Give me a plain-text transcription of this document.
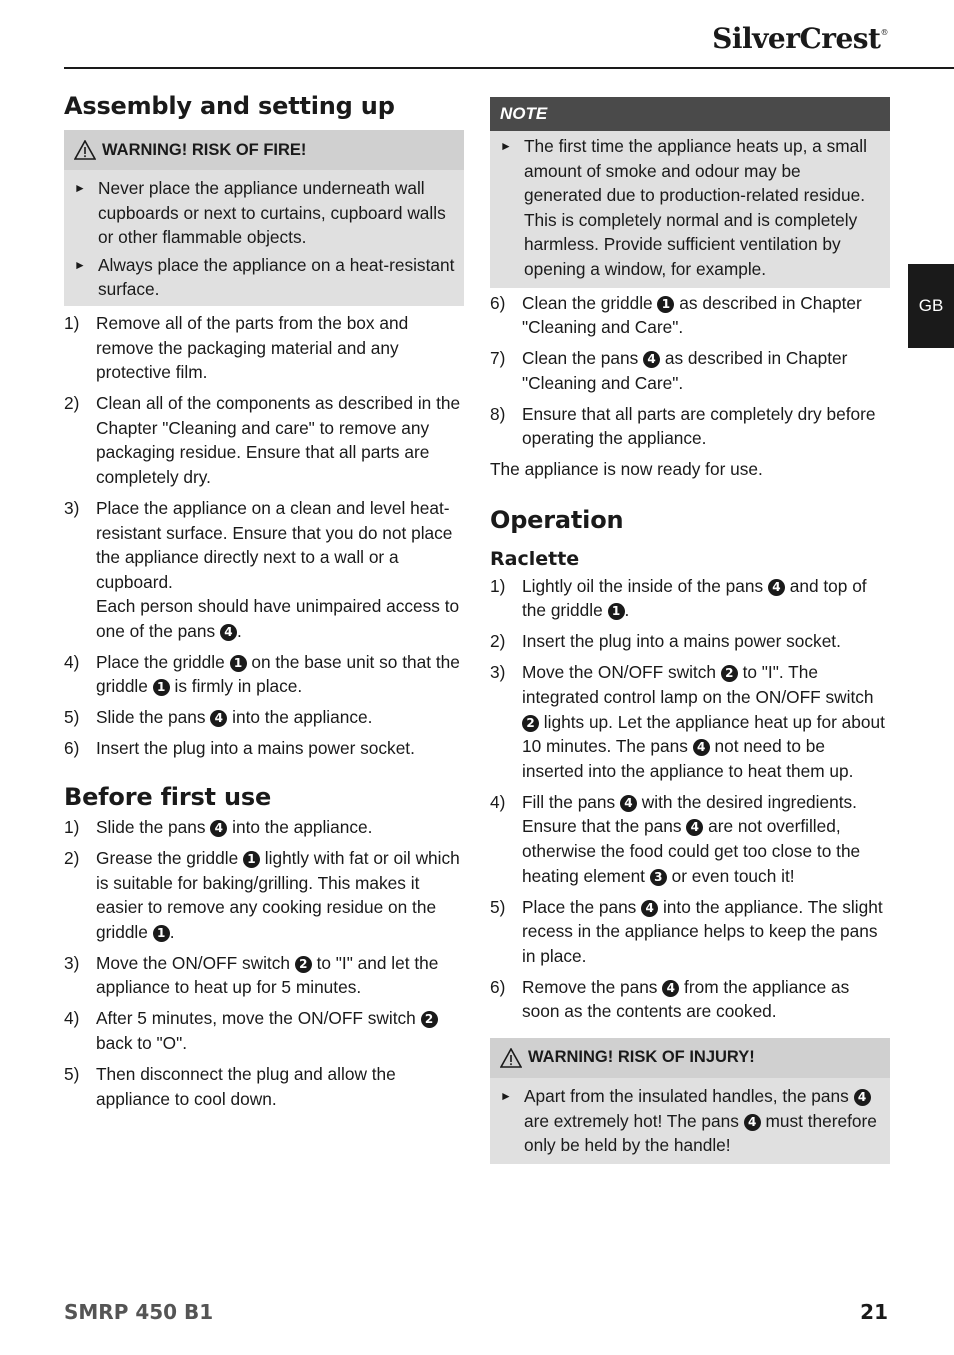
SilverCrest®
GB
Assembly and setting up
WARNING! RISK OF FIRE!
► Never place the appliance underneath wall cupboards or next to curtains, cupboard walls or other flammable objects.
► Always place the appliance on a heat-resistant surface.
1) Remove all of the parts from the box and remove the packaging material and any protective film.
2) Clean all of the components as described in the Chapter "Cleaning and care" to remove any packaging residue. Ensure that all parts are completely dry.
3) Place the appliance on a clean and level heat-resistant surface. Ensure that you do not place the appliance directly next to a wall or a cupboard.
Each person should have unimpaired access to one of the pans 4 .
4) Place the griddle 1 on the base unit so that the griddle 1 is firmly in place.
5) Slide the pans 4 into the appliance.
6) Insert the plug into a mains power socket.
Before first use
1) Slide the pans 4 into the appliance.
2) Grease the griddle 1 lightly with fat or oil which is suitable for baking/grilling. This makes it easier to remove any cooking residue on the griddle 1 .
3) Move the ON/OFF switch 2 to "I" and let the appliance to heat up for 5 minutes.
4) After 5 minutes, move the ON/OFF switch 2 back to "O".
5) Then disconnect the plug and allow the appliance to cool down.
NOTE
► The first time the appliance heats up, a small amount of smoke and odour may be generated due to production-related residue. This is completely normal and is completely harmless. Provide sufficient ventilation by opening a window, for example.
6) Clean the griddle 1 as described in Chapter "Cleaning and Care".
7) Clean the pans 4 as described in Chapter "Cleaning and Care".
8) Ensure that all parts are completely dry before operating the appliance.
The appliance is now ready for use.
Operation
Raclette
1) Lightly oil the inside of the pans 4 and top of the griddle 1 .
2) Insert the plug into a mains power socket.
3) Move the ON/OFF switch 2 to "I". The integrated control lamp on the ON/OFF switch 2 lights up. Let the appliance heat up for about 10 minutes. The pans 4 not need to be inserted into the appliance to heat them up.
4) Fill the pans 4 with the desired ingredients. Ensure that the pans 4 are not overfilled, otherwise the food could get too close to the heating element 3 or even touch it!
5) Place the pans 4 into the appliance. The slight recess in the appliance helps to keep the pans in place.
6) Remove the pans 4 from the appliance as soon as the contents are cooked.
WARNING! RISK OF INJURY!
► Apart from the insulated handles, the pans 4 are extremely hot! The pans 4 must therefore only be held by the handle!
SMRP 450 B1	21
